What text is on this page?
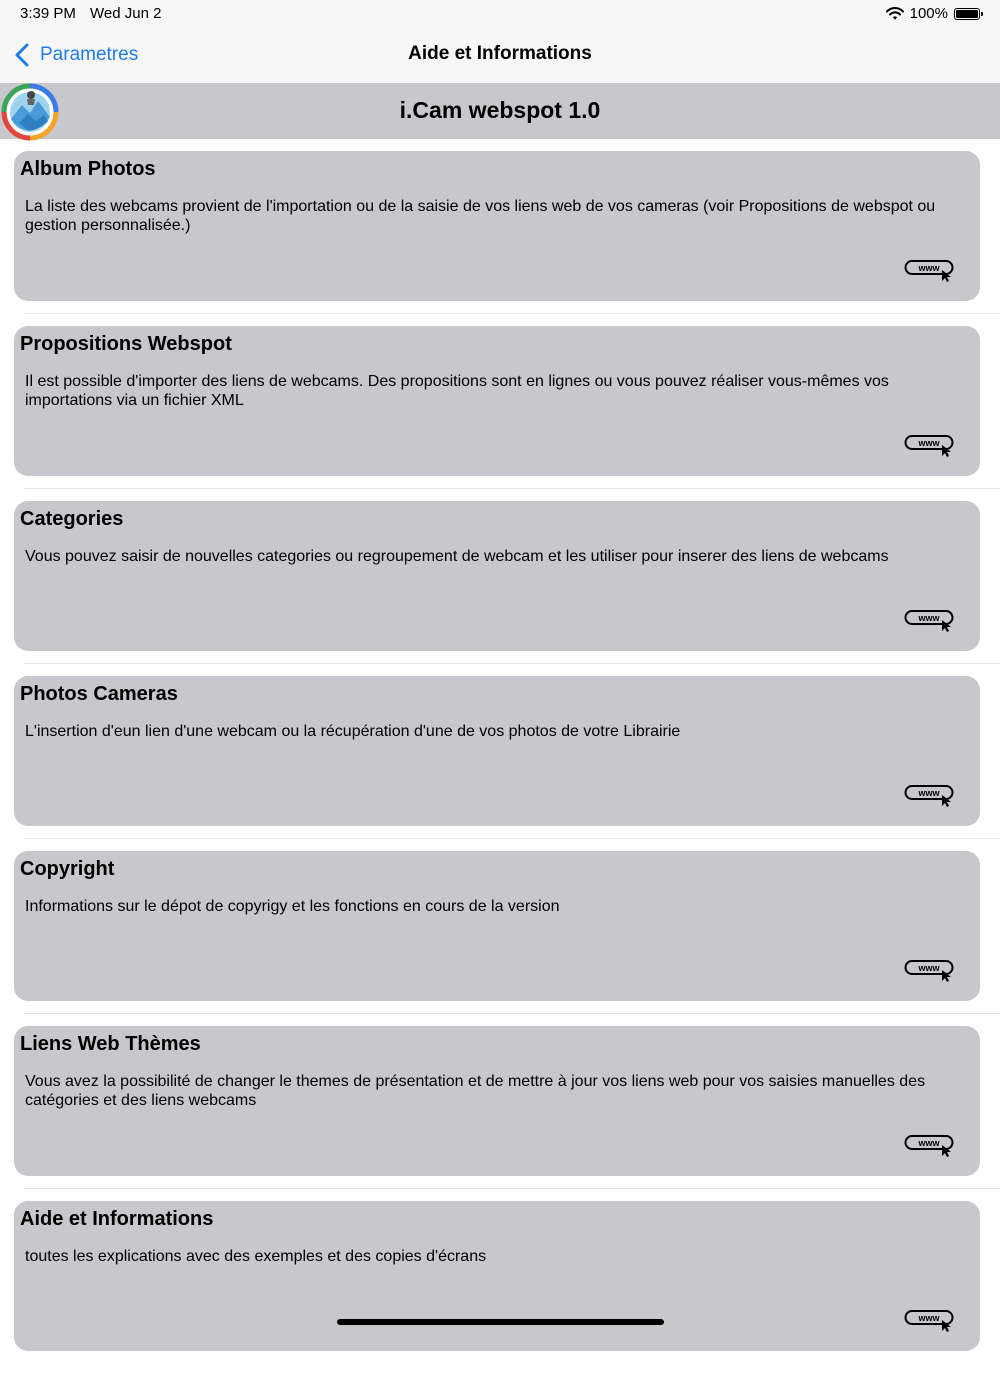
3:39 PM Wed Jun 2	100%
Parametres	Aide et Informations
i.Cam webspot 1.0
Album Photos
La liste des webcams provient de l'importation ou de la saisie de vos liens web de vos cameras (voir Propositions de webspot ou gestion personnalisée.)
www
Propositions Webspot
Il est possible d'importer des liens de webcams. Des propositions sont en lignes ou vous pouvez réaliser vous-mêmes vos importations via un fichier XML
www
Categories
Vous pouvez saisir de nouvelles categories ou regroupement de webcam et les utiliser pour inserer des liens de webcams
www
Photos Cameras
L'insertion d'eun lien d'une webcam ou la récupération d'une de vos photos de votre Librairie
www
Copyright
Informations sur le dépot de copyrigy et les fonctions en cours de la version
www
Liens Web Thèmes
Vous avez la possibilité de changer le themes de présentation et de mettre à jour vos liens web pour vos saisies manuelles des catégories et des liens webcams
www
Aide et Informations
toutes les explications avec des exemples et des copies d'écrans
www
